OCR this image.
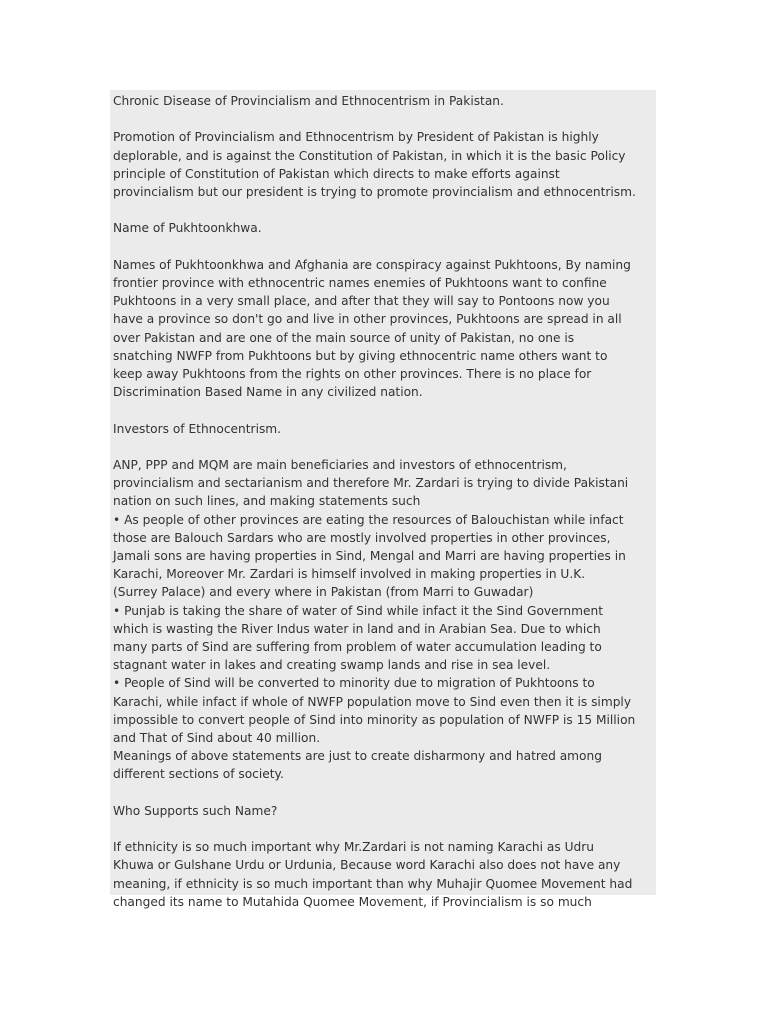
Chronic Disease of Provincialism and Ethnocentrism in Pakistan.

Promotion of Provincialism and Ethnocentrism by President of Pakistan is highly
deplorable, and is against the Constitution of Pakistan, in which it is the basic Policy
principle of Constitution of Pakistan which directs to make efforts against
provincialism but our president is trying to promote provincialism and ethnocentrism.

Name of Pukhtoonkhwa.

Names of Pukhtoonkhwa and Afghania are conspiracy against Pukhtoons, By naming
frontier province with ethnocentric names enemies of Pukhtoons want to confine
Pukhtoons in a very small place, and after that they will say to Pontoons now you
have a province so don't go and live in other provinces, Pukhtoons are spread in all
over Pakistan and are one of the main source of unity of Pakistan, no one is
snatching NWFP from Pukhtoons but by giving ethnocentric name others want to
keep away Pukhtoons from the rights on other provinces. There is no place for
Discrimination Based Name in any civilized nation.

Investors of Ethnocentrism.

ANP, PPP and MQM are main beneficiaries and investors of ethnocentrism,
provincialism and sectarianism and therefore Mr. Zardari is trying to divide Pakistani
nation on such lines, and making statements such
• As people of other provinces are eating the resources of Balouchistan while infact
those are Balouch Sardars who are mostly involved properties in other provinces,
Jamali sons are having properties in Sind, Mengal and Marri are having properties in
Karachi, Moreover Mr. Zardari is himself involved in making properties in U.K.
(Surrey Palace) and every where in Pakistan (from Marri to Guwadar)
• Punjab is taking the share of water of Sind while infact it the Sind Government
which is wasting the River Indus water in land and in Arabian Sea. Due to which
many parts of Sind are suffering from problem of water accumulation leading to
stagnant water in lakes and creating swamp lands and rise in sea level.
• People of Sind will be converted to minority due to migration of Pukhtoons to
Karachi, while infact if whole of NWFP population move to Sind even then it is simply
impossible to convert people of Sind into minority as population of NWFP is 15 Million
and That of Sind about 40 million.
Meanings of above statements are just to create disharmony and hatred among
different sections of society.

Who Supports such Name?

If ethnicity is so much important why Mr.Zardari is not naming Karachi as Udru
Khuwa or Gulshane Urdu or Urdunia, Because word Karachi also does not have any
meaning, if ethnicity is so much important than why Muhajir Quomee Movement had
changed its name to Mutahida Quomee Movement, if Provincialism is so much
